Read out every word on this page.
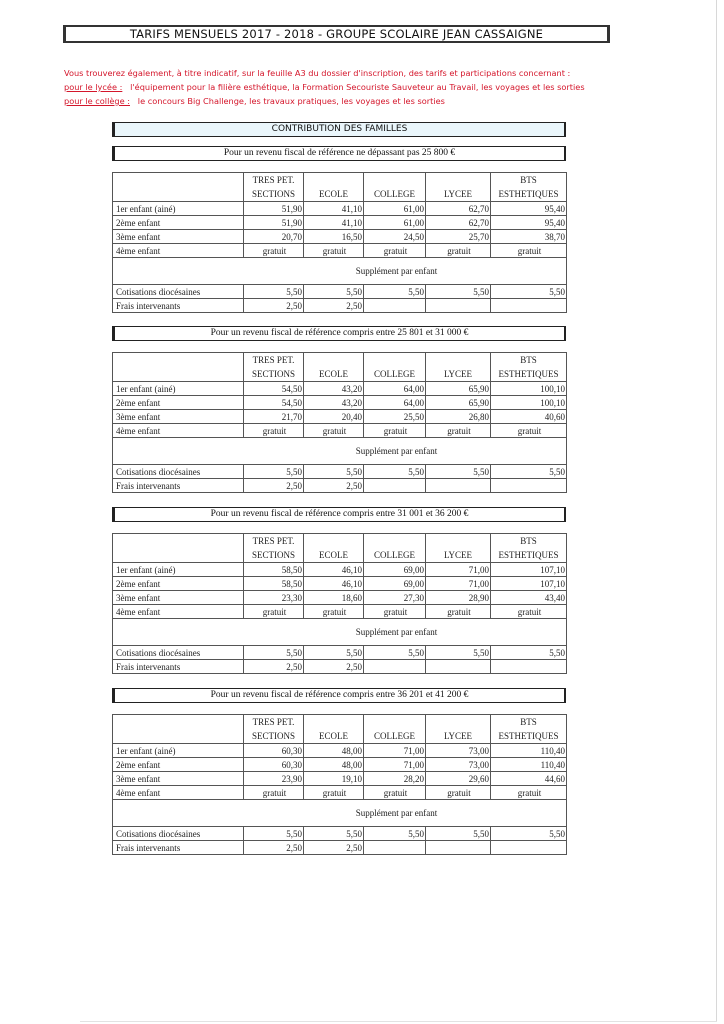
TARIFS MENSUELS 2017 - 2018 - GROUPE SCOLAIRE JEAN CASSAIGNE
Vous trouverez également, à titre indicatif, sur la feuille A3 du dossier d'inscription, des tarifs et participations concernant :
pour le lycée : l'équipement pour la filière esthétique, la Formation Secouriste Sauveteur au Travail, les voyages et les sorties
pour le collège : le concours Big Challenge, les travaux pratiques, les voyages et les sorties
CONTRIBUTION DES FAMILLES
Pour un revenu fiscal de référence ne dépassant pas 25 800 €
	TRES PET.
SECTIONS	ECOLE	COLLEGE	LYCEE	BTS
ESTHETIQUES
1er enfant (ainé)	51,90	41,10	61,00	62,70	95,40
2ème enfant	51,90	41,10	61,00	62,70	95,40
3ème enfant	20,70	16,50	24,50	25,70	38,70
4ème enfant	gratuit	gratuit	gratuit	gratuit	gratuit
Supplément par enfant					
Cotisations diocésaines	5,50	5,50	5,50	5,50	5,50
Frais intervenants	2,50	2,50			
Pour un revenu fiscal de référence compris entre 25 801 et 31 000 €
	TRES PET.
SECTIONS	ECOLE	COLLEGE	LYCEE	BTS
ESTHETIQUES
1er enfant (ainé)	54,50	43,20	64,00	65,90	100,10
2ème enfant	54,50	43,20	64,00	65,90	100,10
3ème enfant	21,70	20,40	25,50	26,80	40,60
4ème enfant	gratuit	gratuit	gratuit	gratuit	gratuit
Supplément par enfant					
Cotisations diocésaines	5,50	5,50	5,50	5,50	5,50
Frais intervenants	2,50	2,50			
Pour un revenu fiscal de référence compris entre 31 001 et 36 200 €
	TRES PET.
SECTIONS	ECOLE	COLLEGE	LYCEE	BTS
ESTHETIQUES
1er enfant (ainé)	58,50	46,10	69,00	71,00	107,10
2ème enfant	58,50	46,10	69,00	71,00	107,10
3ème enfant	23,30	18,60	27,30	28,90	43,40
4ème enfant	gratuit	gratuit	gratuit	gratuit	gratuit
Supplément par enfant					
Cotisations diocésaines	5,50	5,50	5,50	5,50	5,50
Frais intervenants	2,50	2,50			
Pour un revenu fiscal de référence compris entre 36 201 et 41 200 €
	TRES PET.
SECTIONS	ECOLE	COLLEGE	LYCEE	BTS
ESTHETIQUES
1er enfant (ainé)	60,30	48,00	71,00	73,00	110,40
2ème enfant	60,30	48,00	71,00	73,00	110,40
3ème enfant	23,90	19,10	28,20	29,60	44,60
4ème enfant	gratuit	gratuit	gratuit	gratuit	gratuit
Supplément par enfant					
Cotisations diocésaines	5,50	5,50	5,50	5,50	5,50
Frais intervenants	2,50	2,50			
